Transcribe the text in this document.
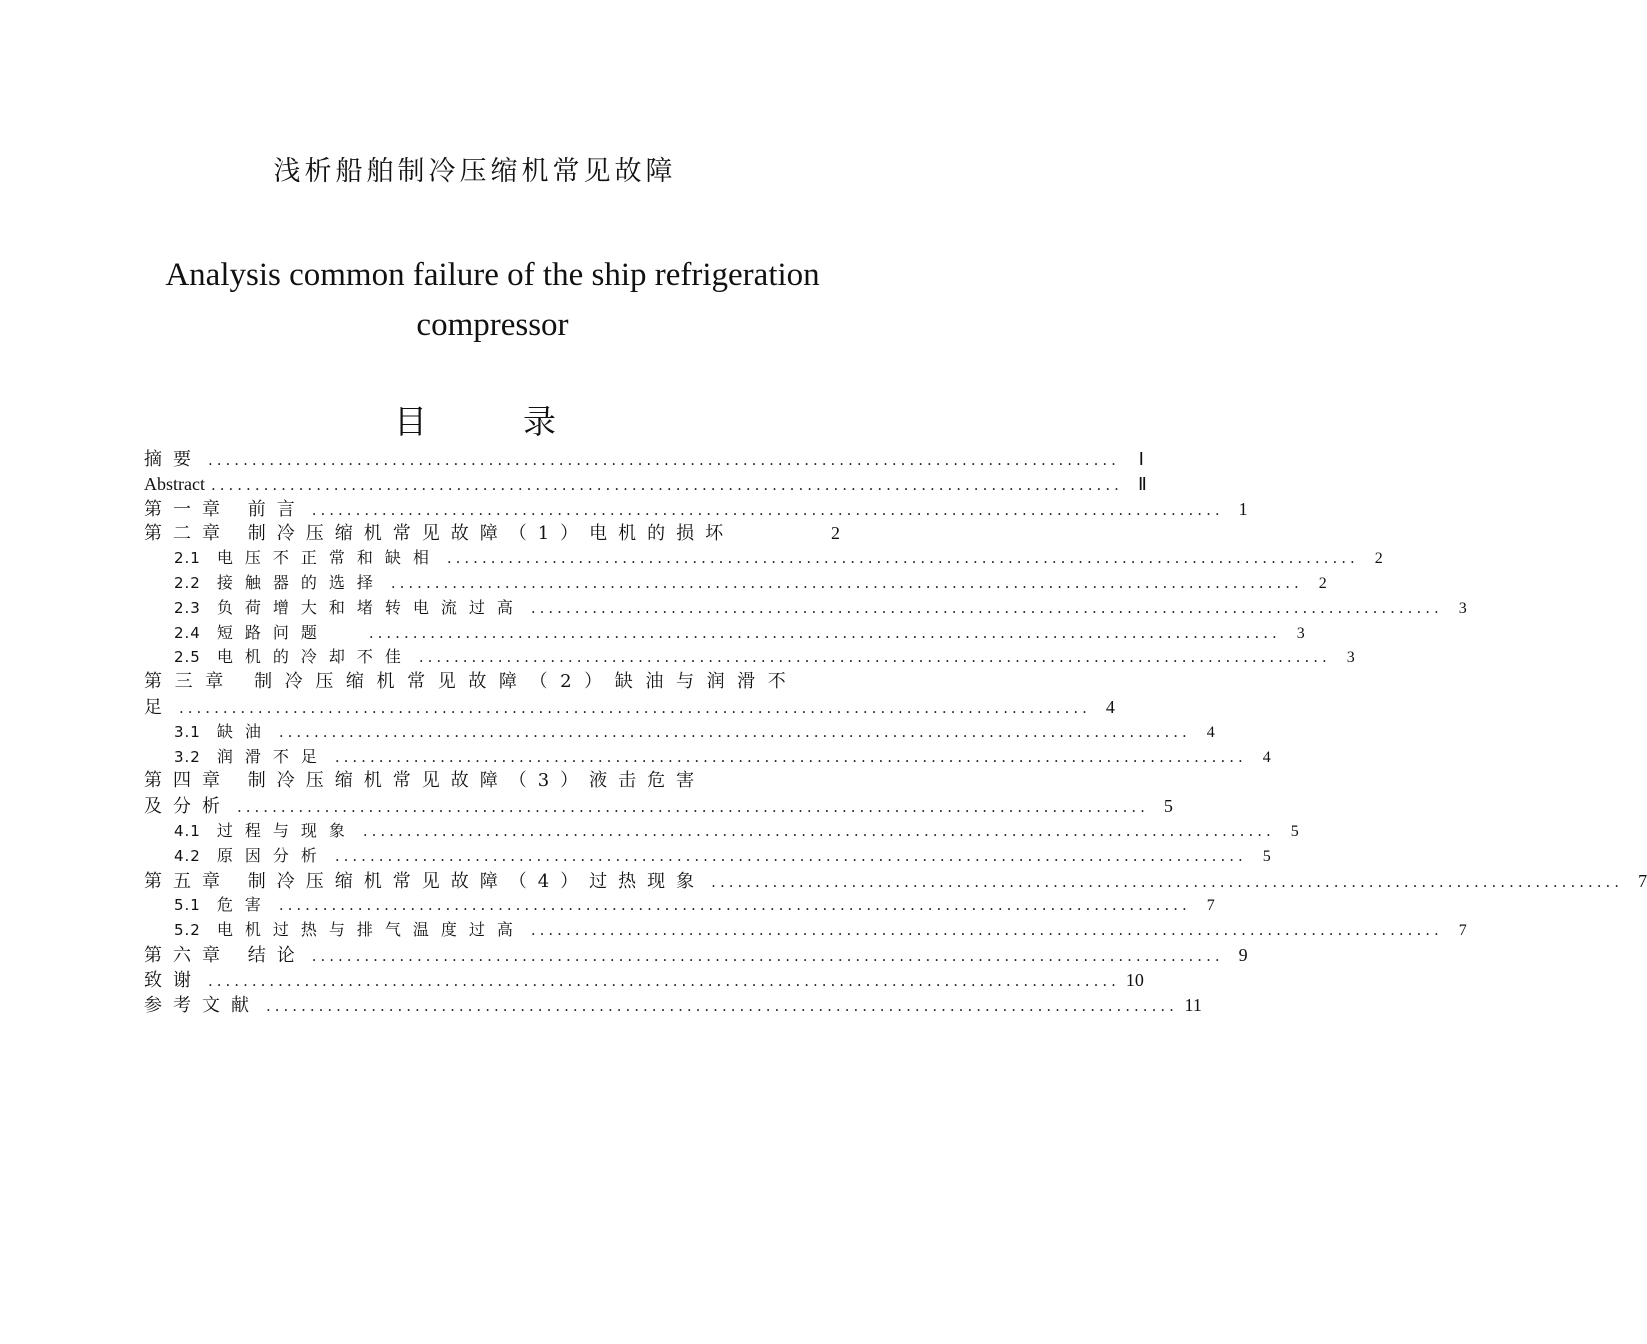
浅析船舶制冷压缩机常见故障
Analysis common failure of the ship refrigeration compressor
目	录
摘要 ........................................................................................................	Ⅰ
Abstract ........................................................................................................ Ⅱ
第一章 前言 ........................................................................................................ 1
第二章 制冷压缩机常见故障（1）电机的损坏	2
2.1 电压不正常和缺相 ........................................................................................................	2
2.2 接触器的选择 ........................................................................................................	2
2.3 负荷增大和堵转电流过高 ........................................................................................................	3
2.4 短路问题	........................................................................................................	3
2.5 电机的冷却不佳 ........................................................................................................	3
第三章 制冷压缩机常见故障（2）缺油与润滑不
足 ........................................................................................................ 4
3.1 缺油 ........................................................................................................	4
3.2 润滑不足 ........................................................................................................	4
第四章 制冷压缩机常见故障（3）液击危害
及分析 ........................................................................................................ 5
4.1 过程与现象 ........................................................................................................	5
4.2 原因分析 ........................................................................................................	5
第五章 制冷压缩机常见故障（4）过热现象 ........................................................................................................ 7
5.1 危害 ........................................................................................................	7
5.2 电机过热与排气温度过高 ........................................................................................................	7
第六章 结论 ........................................................................................................ 9
致谢 ........................................................................................................ 10
参考文献 ........................................................................................................ 11
